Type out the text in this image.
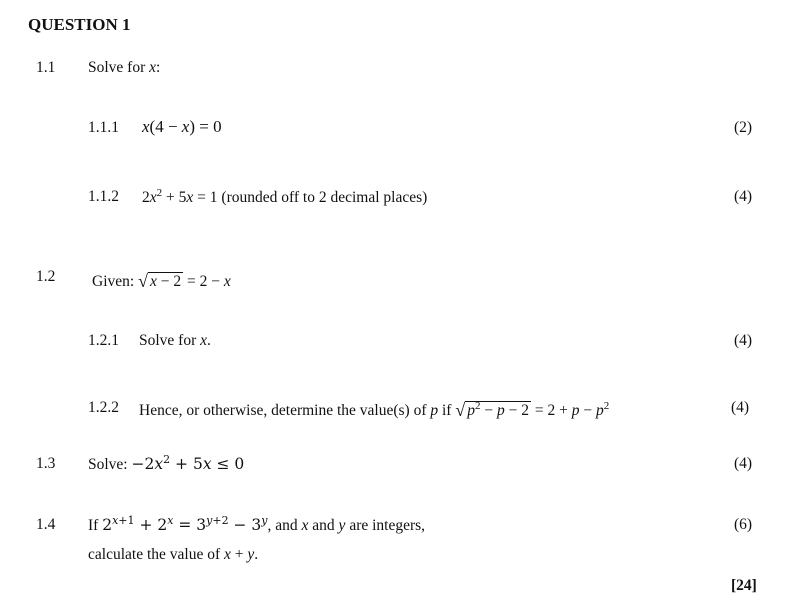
QUESTION 1
1.1 Solve for x:
1.1.1 x(4 − x) = 0	(2)
1.1.2 $2x^2 + 5x = 1$ (rounded off to 2 decimal places)	(4)
1.2 Given: √ x − 2 = 2 − x
1.2.1 Solve for x.	(4)
1.2.2 Hence, or otherwise, determine the value(s) of p if √ $p^2 - p - 2 = 2 + p - p^2$	(4)
1.3 Solve: $-2x^2 + 5x \le 0$	(4)
1.4 If $2^{x+1} + 2^x = 3^{y+2} - 3^y$, and x and y are integers,
calculate the value of x + y.
(6)
[24]
